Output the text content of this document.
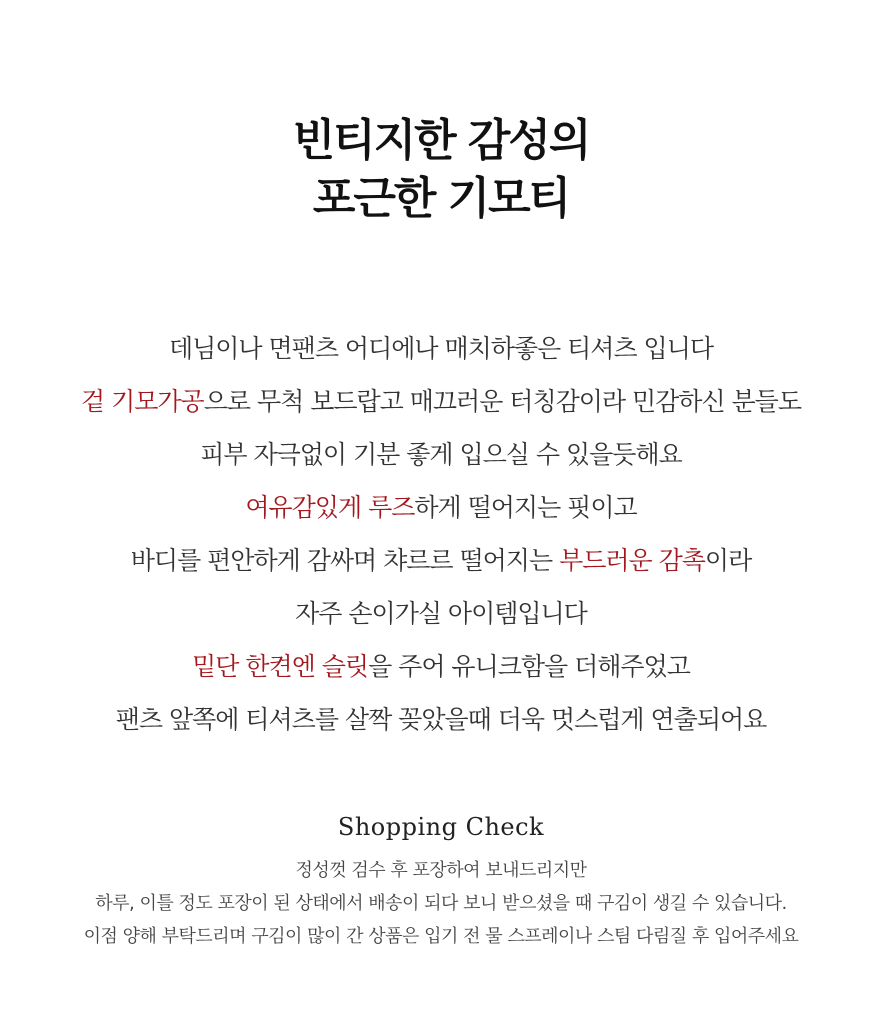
빈티지한 감성의
포근한 기모티
데님이나 면팬츠 어디에나 매치하좋은 티셔츠 입니다
겉 기모가공으로 무척 보드랍고 매끄러운 터칭감이라 민감하신 분들도
피부 자극없이 기분 좋게 입으실 수 있을듯해요
여유감있게 루즈하게 떨어지는 핏이고
바디를 편안하게 감싸며 챠르르 떨어지는 부드러운 감촉이라
자주 손이가실 아이템입니다
밑단 한켠엔 슬릿을 주어 유니크함을 더해주었고
팬츠 앞쪽에 티셔츠를 살짝 꽂았을때 더욱 멋스럽게 연출되어요
Shopping Check
정성껏 검수 후 포장하여 보내드리지만
하루, 이틀 정도 포장이 된 상태에서 배송이 되다 보니 받으셨을 때 구김이 생길 수 있습니다.
이점 양해 부탁드리며 구김이 많이 간 상품은 입기 전 물 스프레이나 스팀 다림질 후 입어주세요
